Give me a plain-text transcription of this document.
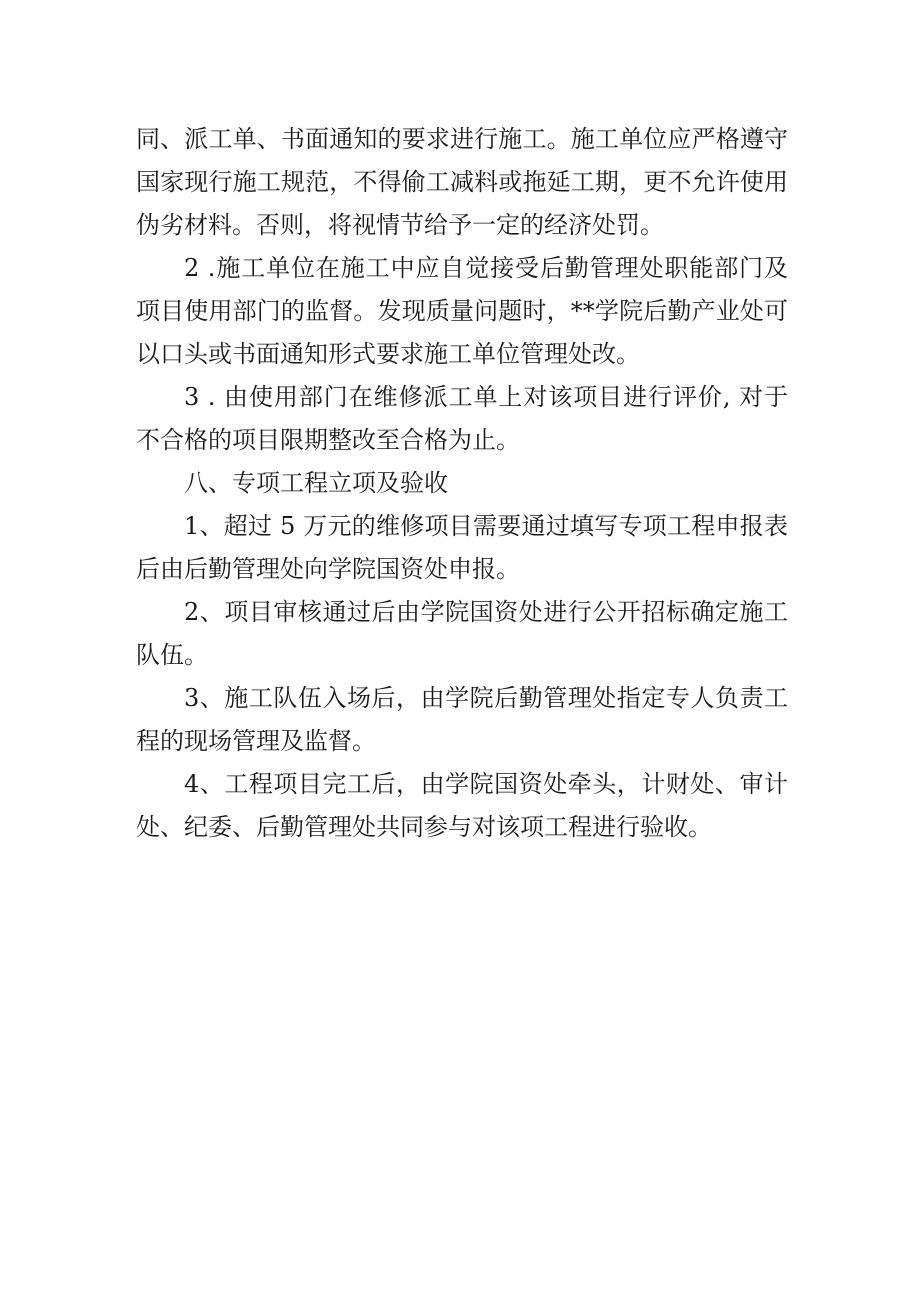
同、派工单、书面通知的要求进行施工。施工单位应严格遵守国家现行施工规范，不得偷工减料或拖延工期，更不允许使用伪劣材料。否则，将视情节给予一定的经济处罚。

2 .施工单位在施工中应自觉接受后勤管理处职能部门及项目使用部门的监督。发现质量问题时，**学院后勤产业处可以口头或书面通知形式要求施工单位管理处改。

3 . 由使用部门在维修派工单上对该项目进行评价, 对于不合格的项目限期整改至合格为止。

八、专项工程立项及验收

1、超过 5 万元的维修项目需要通过填写专项工程申报表后由后勤管理处向学院国资处申报。

2、项目审核通过后由学院国资处进行公开招标确定施工队伍。

3、施工队伍入场后，由学院后勤管理处指定专人负责工程的现场管理及监督。

4、工程项目完工后，由学院国资处牵头，计财处、审计处、纪委、后勤管理处共同参与对该项工程进行验收。
